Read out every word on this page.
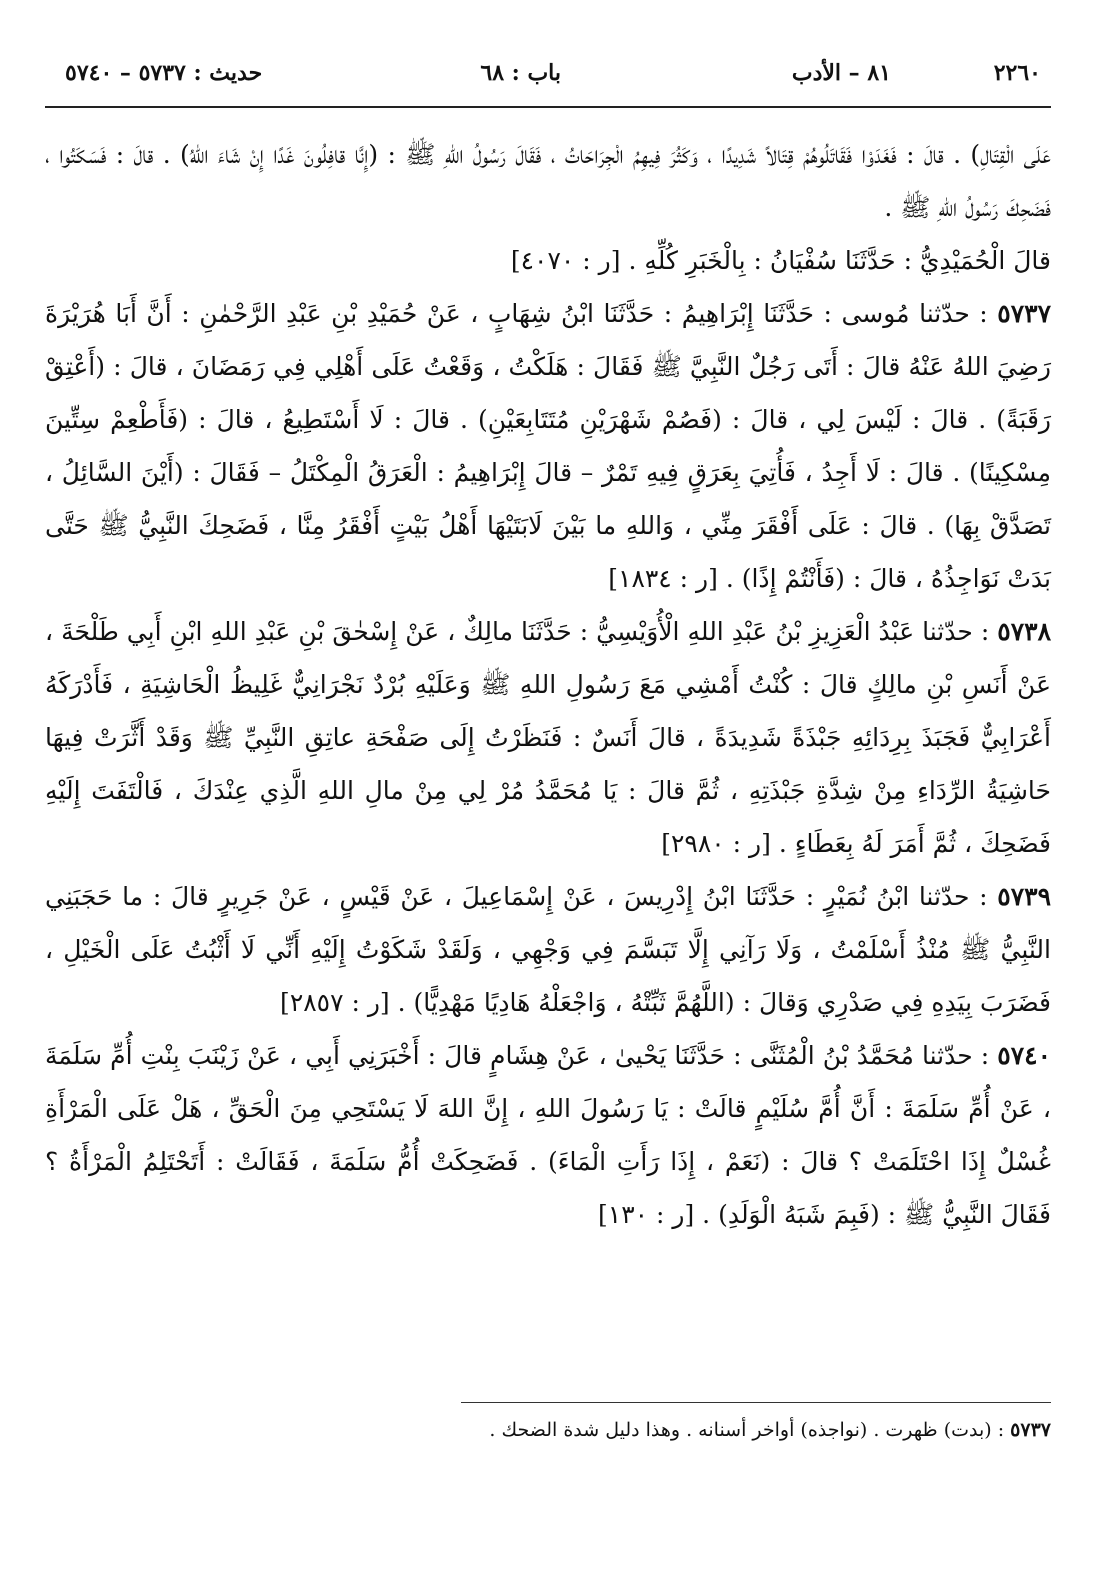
٢٢٦٠
٨١ – الأدب
باب : ٦٨
حديث : ٥٧٣٧ – ٥٧٤٠

عَلَى الْقِتَالِ) . قالَ : فَغَدَوْا فَقَاتَلُوهُمْ قِتَالاً شَدِيدًا ، وَكَثُرَ فِيهِمُ الْجِرَاحَاتُ ، فَقَالَ رَسُولُ اللهِ ﷺ : (إِنَّا قافِلُونَ غَدًا إِنْ شَاءَ اللهُ) . قالَ : فَسَكَتُوا ، فَضَحِكَ رَسُولُ اللهِ ﷺ .

قالَ الْحُمَيْدِيُّ : حَدَّثَنَا سُفْيَانُ : بِالْخَبَرِ كُلِّهِ . [ر : ٤٠٧٠]

٥٧٣٧ : حدّثنا مُوسى : حَدَّثَنَا إِبْرَاهِيمُ : حَدَّثَنَا ابْنُ شِهَابٍ ، عَنْ حُمَيْدِ بْنِ عَبْدِ الرَّحْمٰنِ : أَنَّ أَبَا هُرَيْرَةَ رَضِيَ اللهُ عَنْهُ قالَ : أَتَى رَجُلٌ النَّبِيَّ ﷺ فَقَالَ : هَلَكْتُ ، وَقَعْتُ عَلَى أَهْلِي فِي رَمَضَانَ ، قالَ : (أَعْتِقْ رَقَبَةً) . قالَ : لَيْسَ لِي ، قالَ : (فَصُمْ شَهْرَيْنِ مُتَتَابِعَيْنِ) . قالَ : لَا أَسْتَطِيعُ ، قالَ : (فَأَطْعِمْ سِتِّينَ مِسْكِينًا) . قالَ : لَا أَجِدُ ، فَأُتِيَ بِعَرَقٍ فِيهِ تَمْرٌ – قالَ إِبْرَاهِيمُ : الْعَرَقُ الْمِكْتَلُ – فَقَالَ : (أَيْنَ السَّائِلُ ، تَصَدَّقْ بِهَا) . قالَ : عَلَى أَفْقَرَ مِنِّي ، وَاللهِ ما بَيْنَ لَابَتَيْهَا أَهْلُ بَيْتٍ أَفْقَرُ مِنَّا ، فَضَحِكَ النَّبِيُّ ﷺ حَتَّى بَدَتْ نَوَاجِذُهُ ، قالَ : (فَأَنْتُمْ إِذًا) . [ر : ١٨٣٤]

٥٧٣٨ : حدّثنا عَبْدُ الْعَزِيزِ بْنُ عَبْدِ اللهِ الْأُوَيْسِيُّ : حَدَّثَنَا مالِكٌ ، عَنْ إِسْحٰقَ بْنِ عَبْدِ اللهِ ابْنِ أَبِي طَلْحَةَ ، عَنْ أَنَسِ بْنِ مالِكٍ قالَ : كُنْتُ أَمْشِي مَعَ رَسُولِ اللهِ ﷺ وَعَلَيْهِ بُرْدٌ نَجْرَانِيٌّ غَلِيظُ الْحَاشِيَةِ ، فَأَدْرَكَهُ أَعْرَابِيٌّ فَجَبَذَ بِرِدَائِهِ جَبْذَةً شَدِيدَةً ، قالَ أَنَسٌ : فَنَظَرْتُ إِلَى صَفْحَةِ عاتِقِ النَّبِيِّ ﷺ وَقَدْ أَثَّرَتْ فِيهَا حَاشِيَةُ الرِّدَاءِ مِنْ شِدَّةِ جَبْذَتِهِ ، ثُمَّ قالَ : يَا مُحَمَّدُ مُرْ لِي مِنْ مالِ اللهِ الَّذِي عِنْدَكَ ، فَالْتَفَتَ إِلَيْهِ فَضَحِكَ ، ثُمَّ أَمَرَ لَهُ بِعَطَاءٍ . [ر : ٢٩٨٠]

٥٧٣٩ : حدّثنا ابْنُ نُمَيْرٍ : حَدَّثَنَا ابْنُ إِدْرِيسَ ، عَنْ إِسْمَاعِيلَ ، عَنْ قَيْسٍ ، عَنْ جَرِيرٍ قالَ : ما حَجَبَنِي النَّبِيُّ ﷺ مُنْذُ أَسْلَمْتُ ، وَلَا رَآنِي إِلَّا تَبَسَّمَ فِي وَجْهِي ، وَلَقَدْ شَكَوْتُ إِلَيْهِ أَنِّي لَا أَثْبُتُ عَلَى الْخَيْلِ ، فَضَرَبَ بِيَدِهِ فِي صَدْرِي وَقالَ : (اللَّهُمَّ ثَبِّتْهُ ، وَاجْعَلْهُ هَادِيًا مَهْدِيًّا) . [ر : ٢٨٥٧]

٥٧٤٠ : حدّثنا مُحَمَّدُ بْنُ الْمُثَنَّى : حَدَّثَنَا يَحْيىٰ ، عَنْ هِشَامٍ قالَ : أَخْبَرَنِي أَبِي ، عَنْ زَيْنَبَ بِنْتِ أُمِّ سَلَمَةَ ، عَنْ أُمِّ سَلَمَةَ : أَنَّ أُمَّ سُلَيْمٍ قالَتْ : يَا رَسُولَ اللهِ ، إِنَّ اللهَ لَا يَسْتَحِي مِنَ الْحَقِّ ، هَلْ عَلَى الْمَرْأَةِ غُسْلٌ إِذَا احْتَلَمَتْ ؟ قالَ : (نَعَمْ ، إِذَا رَأَتِ الْمَاءَ) . فَضَحِكَتْ أُمُّ سَلَمَةَ ، فَقَالَتْ : أَتَحْتَلِمُ الْمَرْأَةُ ؟ فَقَالَ النَّبِيُّ ﷺ : (فَبِمَ شَبَهُ الْوَلَدِ) . [ر : ١٣٠]

٥٧٣٧ : (بدت) ظهرت . (نواجذه) أواخر أسنانه . وهذا دليل شدة الضحك .
